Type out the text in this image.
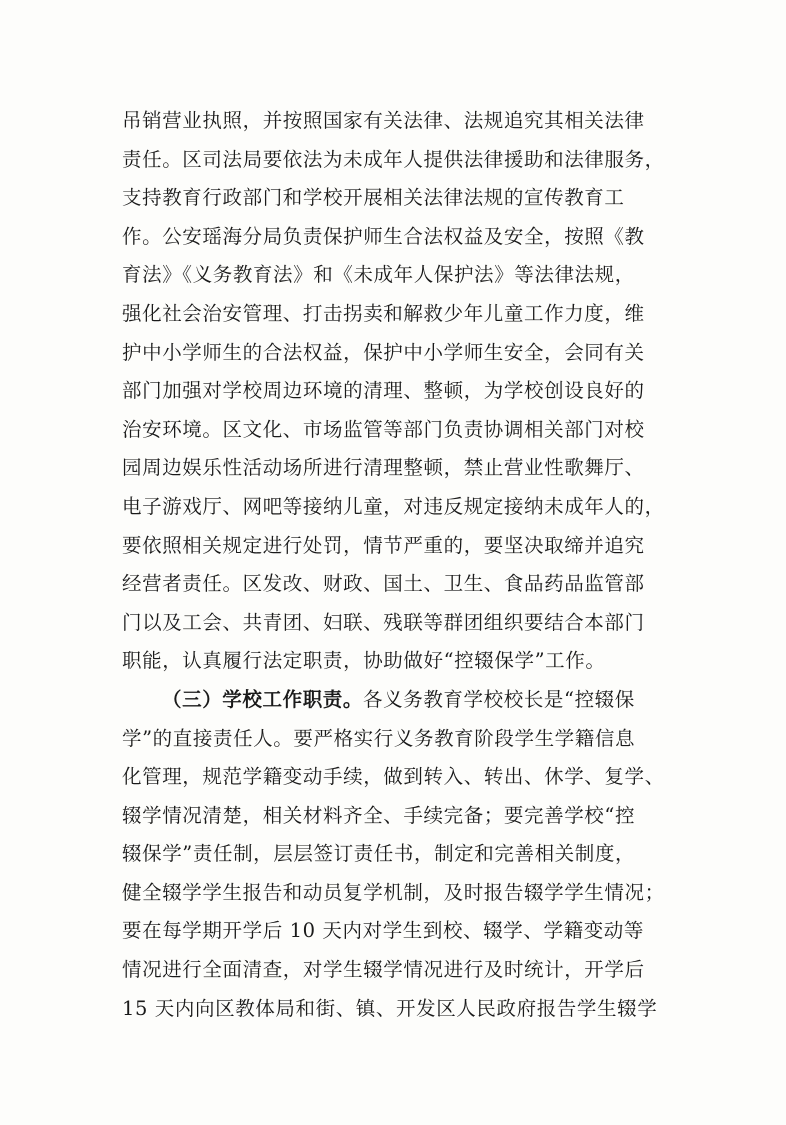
吊销营业执照，并按照国家有关法律、法规追究其相关法律
责任。区司法局要依法为未成年人提供法律援助和法律服务，
支持教育行政部门和学校开展相关法律法规的宣传教育工
作。公安瑶海分局负责保护师生合法权益及安全，按照《教
育法》《义务教育法》和《未成年人保护法》等法律法规，
强化社会治安管理、打击拐卖和解救少年儿童工作力度，维
护中小学师生的合法权益，保护中小学师生安全，会同有关
部门加强对学校周边环境的清理、整顿，为学校创设良好的
治安环境。区文化、市场监管等部门负责协调相关部门对校
园周边娱乐性活动场所进行清理整顿，禁止营业性歌舞厅、
电子游戏厅、网吧等接纳儿童，对违反规定接纳未成年人的，
要依照相关规定进行处罚，情节严重的，要坚决取缔并追究
经营者责任。区发改、财政、国土、卫生、食品药品监管部
门以及工会、共青团、妇联、残联等群团组织要结合本部门
职能，认真履行法定职责，协助做好“控辍保学”工作。
（三）学校工作职责。各义务教育学校校长是“控辍保
学”的直接责任人。要严格实行义务教育阶段学生学籍信息
化管理，规范学籍变动手续，做到转入、转出、休学、复学、
辍学情况清楚，相关材料齐全、手续完备；要完善学校“控
辍保学”责任制，层层签订责任书，制定和完善相关制度，
健全辍学学生报告和动员复学机制，及时报告辍学学生情况；
要在每学期开学后 10 天内对学生到校、辍学、学籍变动等
情况进行全面清查，对学生辍学情况进行及时统计，开学后
15 天内向区教体局和街、镇、开发区人民政府报告学生辍学
